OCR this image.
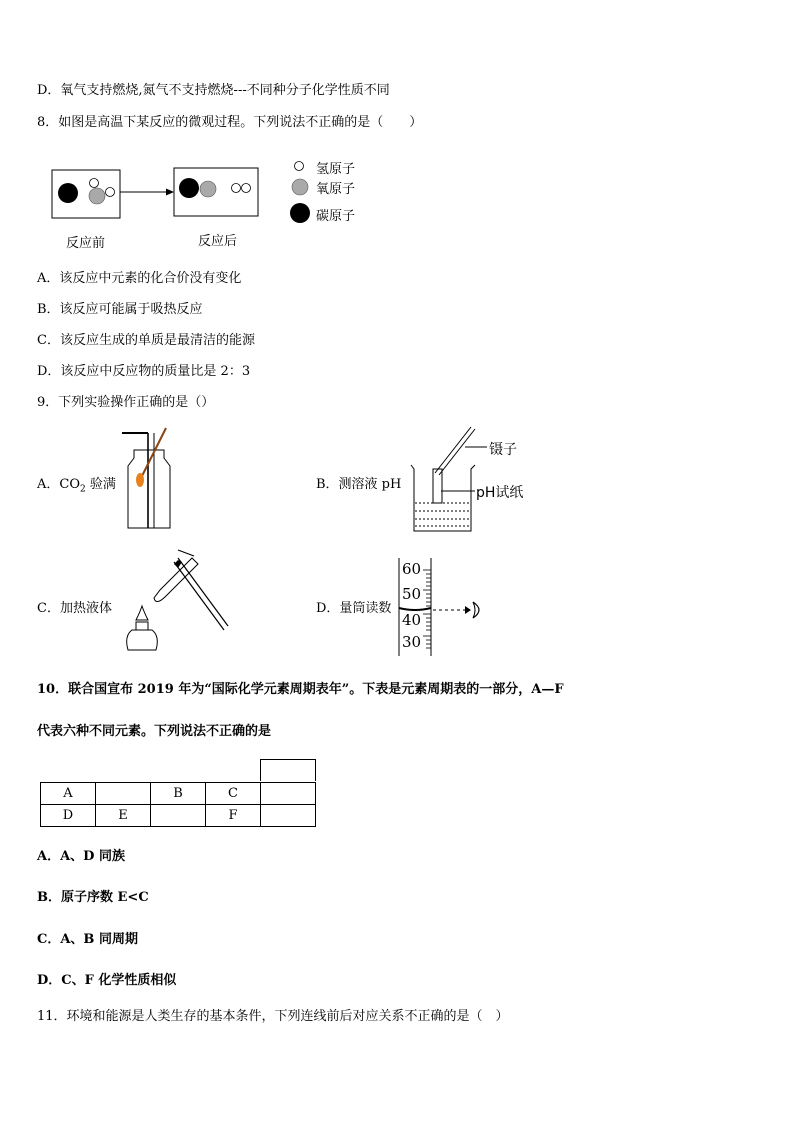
D．氧气支持燃烧,氮气不支持燃烧---不同种分子化学性质不同
8．如图是高温下某反应的微观过程。下列说法不正确的是（　　）
反应前	反应后
氢原子
氧原子
碳原子
A．该反应中元素的化合价没有变化
B．该反应可能属于吸热反应
C．该反应生成的单质是最清洁的能源
D．该反应中反应物的质量比是 2：3
9．下列实验操作正确的是（）
A．$CO_2$ 验满	B．测溶液 pH
镊子
pH试纸
C．加热液体	D．量筒读数
60
50
40
30
10．联合国宣布 2019 年为“国际化学元素周期表年”。下表是元素周期表的一部分，A—F
代表六种不同元素。下列说法不正确的是
A		B	C	
D	E		F	
A．A、D 同族
B．原子序数 E<C
C．A、B 同周期
D．C、F 化学性质相似
11．环境和能源是人类生存的基本条件，下列连线前后对应关系不正确的是（　）
